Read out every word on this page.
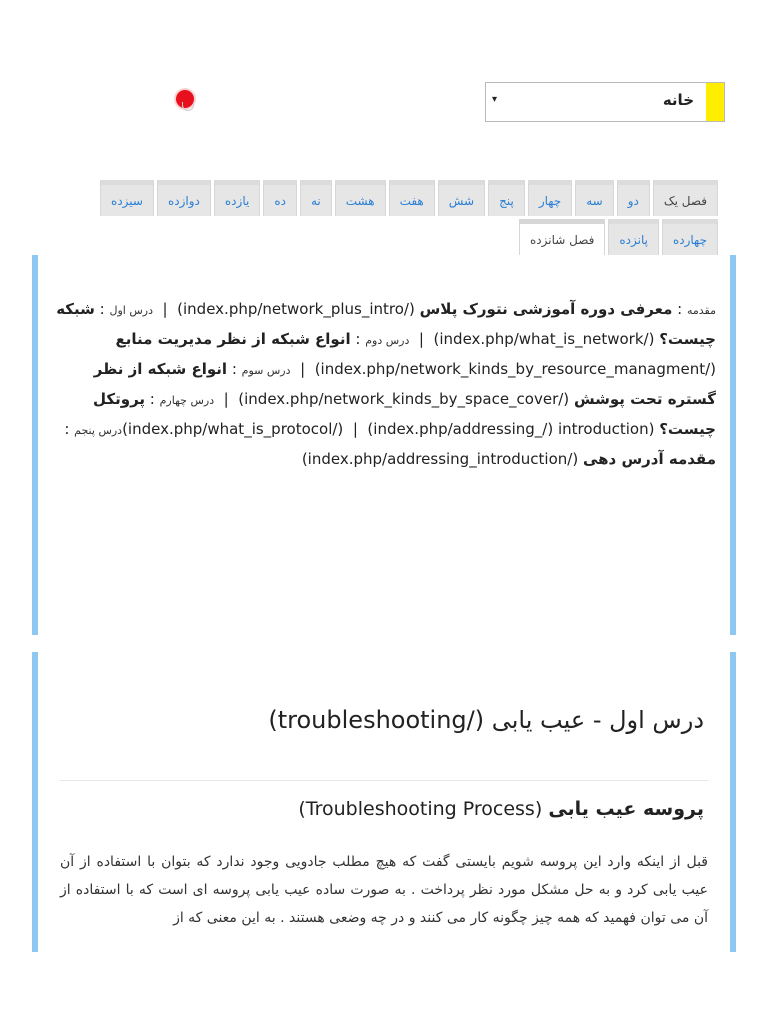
خانه
▾
فصل یک
دو
سه
چهار
پنج
شش
هفت
هشت
نه
ده
یازده
دوازده
سیزده
چهارده
پانزده
فصل شانزده
مقدمه : معرفی دوره آموزشی نتورک پلاس (index.php/network_plus_intro/)  |  درس اول : شبکه چیست؟ (index.php/what_is_network/)  |  درس دوم : انواع شبکه از نظر مدیریت منابع (index.php/network_kinds_by_resource_managment/)  |  درس سوم : انواع شبکه از نظر گستره تحت پوشش (index.php/network_kinds_by_space_cover/)  |  درس چهارم : پروتکل چیست؟ (index.php/what_is_protocol/) | (index.php/addressing_/) introduction)درس پنجم : مقدمه آدرس دهی (index.php/addressing_introduction/)
درس اول - عیب یابی (/troubleshooting)
پروسه عیب یابی (Troubleshooting Process)
قبل از اینکه وارد این پروسه شویم بایستی گفت که هیچ مطلب جادویی وجود ندارد که بتوان با استفاده از آن عیب یابی کرد و به حل مشکل مورد نظر پرداخت . به صورت ساده عیب یابی پروسه ای است که با استفاده از آن می توان فهمید که همه چیز چگونه کار می کنند و در چه وضعی هستند . به این معنی که از
